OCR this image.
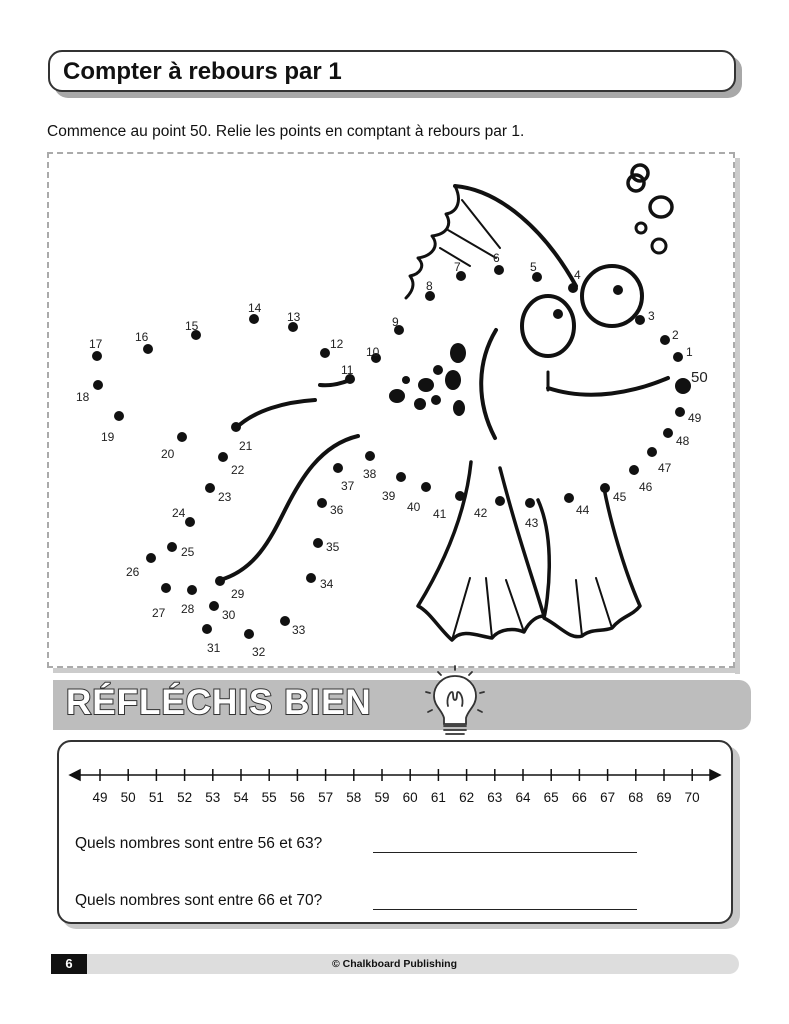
Compter à rebours par 1
Commence au point 50. Relie les points en comptant à rebours par 1.
1
2
3
4
5
6
7
8
9
10
11
12
13
14
15
16
17
18
19
20
21
22
23
24
25
26
27 28
29
30
31	32
33
34
35
36
37
38
39
40 41 42
43
44
45
46
47
48
49
50
RÉFLÉCHIS BIEN
49 50 51 52 53 54 55 56 57 58 59 60 61 62 63 64 65 66 67 68 69 70
Quels nombres sont entre 56 et 63?
Quels nombres sont entre 66 et 70?
6	© Chalkboard Publishing
